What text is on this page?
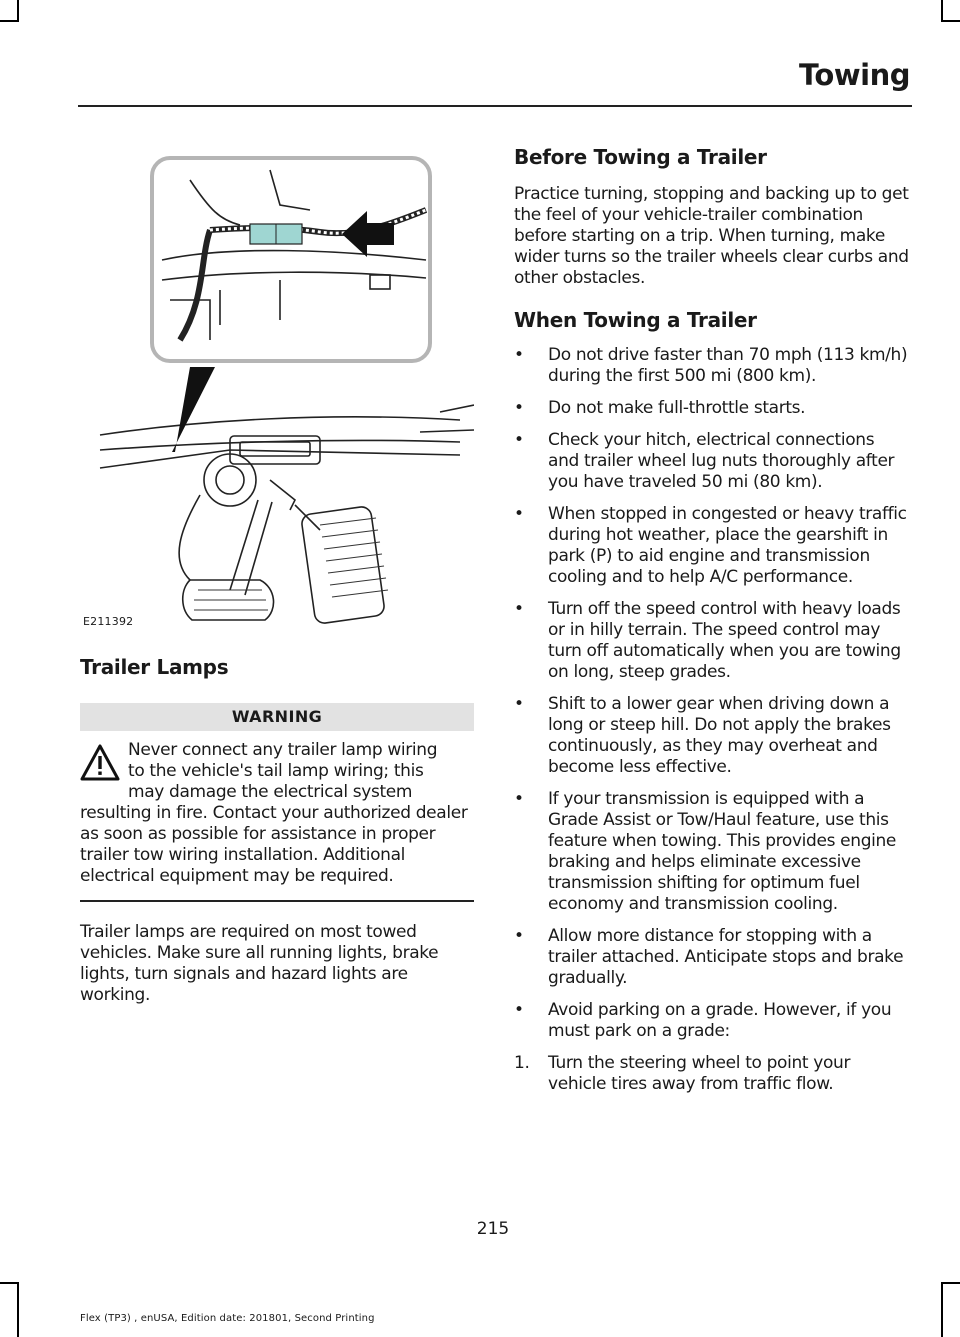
Towing
E211392
Trailer Lamps
WARNING
Never connect any trailer lamp wiring
to the vehicle's tail lamp wiring; this
may damage the electrical system
resulting in fire. Contact your authorized dealer as soon as possible for assistance in proper trailer tow wiring installation. Additional electrical equipment may be required.

Trailer lamps are required on most towed vehicles. Make sure all running lights, brake lights, turn signals and hazard lights are working.

Before Towing a Trailer

Practice turning, stopping and backing up to get the feel of your vehicle-trailer combination before starting on a trip. When turning, make wider turns so the trailer wheels clear curbs and other obstacles.

When Towing a Trailer
• Do not drive faster than 70 mph (113 km/h) during the first 500 mi (800 km).
• Do not make full-throttle starts.
• Check your hitch, electrical connections and trailer wheel lug nuts thoroughly after you have traveled 50 mi (80 km).
• When stopped in congested or heavy traffic during hot weather, place the gearshift in park (P) to aid engine and transmission cooling and to help A/C performance.
• Turn off the speed control with heavy loads or in hilly terrain. The speed control may turn off automatically when you are towing on long, steep grades.
• Shift to a lower gear when driving down a long or steep hill. Do not apply the brakes continuously, as they may overheat and become less effective.
• If your transmission is equipped with a Grade Assist or Tow/Haul feature, use this feature when towing. This provides engine braking and helps eliminate excessive transmission shifting for optimum fuel economy and transmission cooling.
• Allow more distance for stopping with a trailer attached. Anticipate stops and brake gradually.
• Avoid parking on a grade. However, if you must park on a grade:
1. Turn the steering wheel to point your vehicle tires away from traffic flow.
215
Flex (TP3) , enUSA, Edition date: 201801, Second Printing
